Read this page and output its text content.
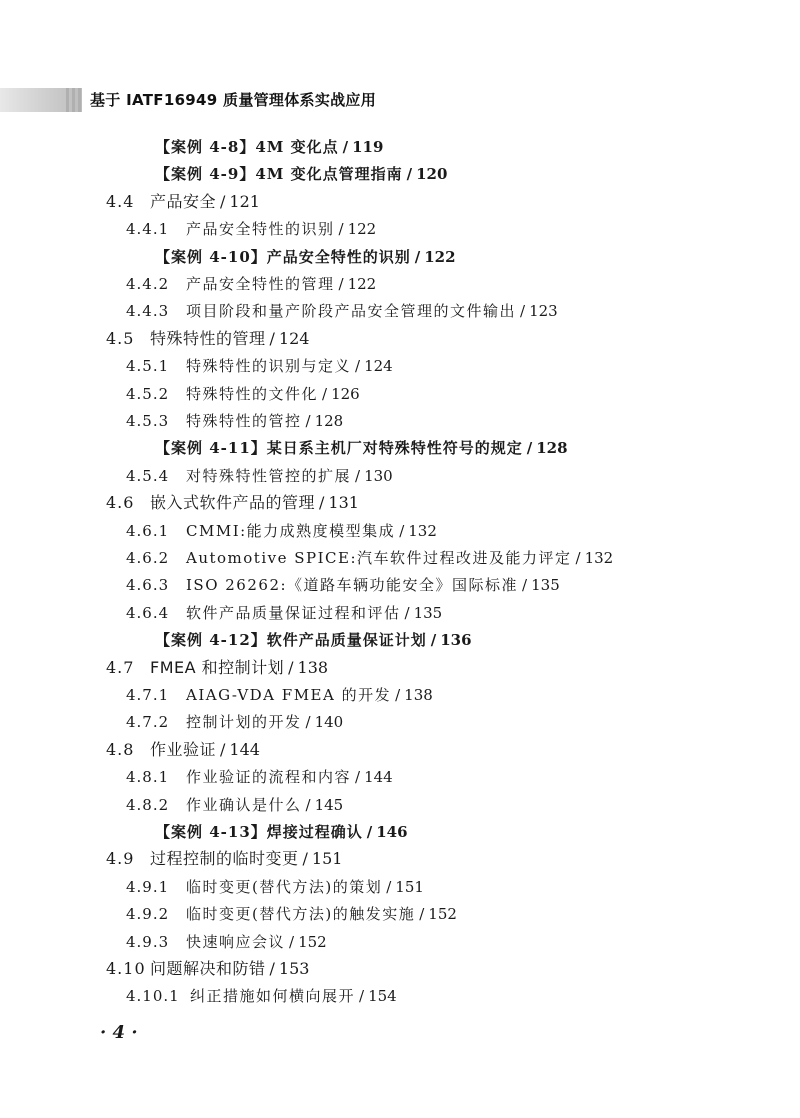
基于 IATF16949 质量管理体系实战应用
【案例 4-8】4M 变化点 / 119
【案例 4-9】4M 变化点管理指南 / 120
4.4 产品安全 / 121
4.4.1 产品安全特性的识别 / 122
【案例 4-10】产品安全特性的识别 / 122
4.4.2 产品安全特性的管理 / 122
4.4.3 项目阶段和量产阶段产品安全管理的文件输出 / 123
4.5 特殊特性的管理 / 124
4.5.1 特殊特性的识别与定义 / 124
4.5.2 特殊特性的文件化 / 126
4.5.3 特殊特性的管控 / 128
【案例 4-11】某日系主机厂对特殊特性符号的规定 / 128
4.5.4 对特殊特性管控的扩展 / 130
4.6 嵌入式软件产品的管理 / 131
4.6.1 CMMI:能力成熟度模型集成 / 132
4.6.2 Automotive SPICE:汽车软件过程改进及能力评定 / 132
4.6.3 ISO 26262:《道路车辆功能安全》国际标准 / 135
4.6.4 软件产品质量保证过程和评估 / 135
【案例 4-12】软件产品质量保证计划 / 136
4.7 FMEA 和控制计划 / 138
4.7.1 AIAG-VDA FMEA 的开发 / 138
4.7.2 控制计划的开发 / 140
4.8 作业验证 / 144
4.8.1 作业验证的流程和内容 / 144
4.8.2 作业确认是什么 / 145
【案例 4-13】焊接过程确认 / 146
4.9 过程控制的临时变更 / 151
4.9.1 临时变更(替代方法)的策划 / 151
4.9.2 临时变更(替代方法)的触发实施 / 152
4.9.3 快速响应会议 / 152
4.10 问题解决和防错 / 153
4.10.1 纠正措施如何横向展开 / 154
· 4 ·
